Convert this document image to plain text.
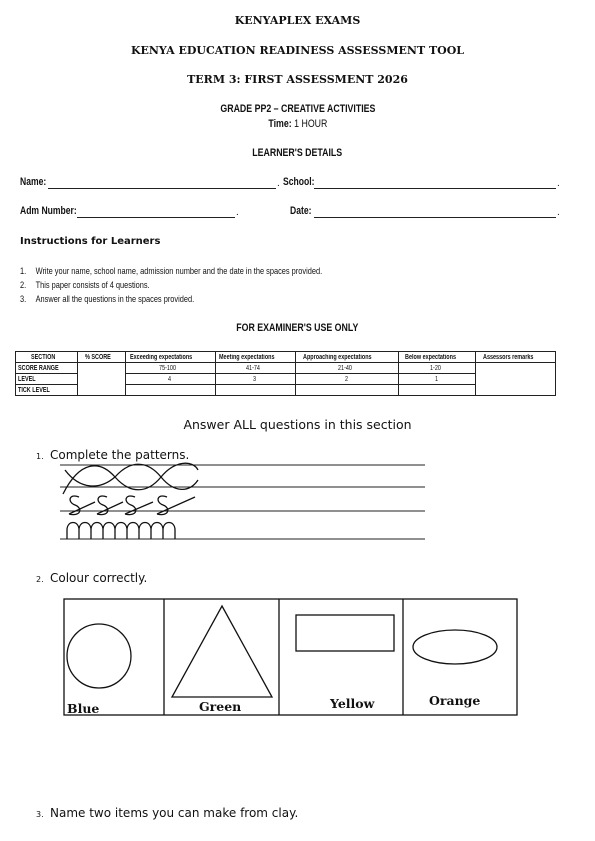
KENYAPLEX EXAMS
KENYA EDUCATION READINESS ASSESSMENT TOOL
TERM 3: FIRST ASSESSMENT 2026
GRADE PP2 – CREATIVE ACTIVITIES
Time: 1 HOUR
LEARNER'S DETAILS
Name:	. School:	.
Adm Number:	.	Date:	.
Instructions for Learners
1. Write your name, school name, admission number and the date in the spaces provided.
2. This paper consists of 4 questions.
3. Answer all the questions in the spaces provided.
FOR EXAMINER'S USE ONLY
SECTION	% SCORE	Exceeding expectations	Meeting expectations	Approaching expectations	Below expectations	Assessors remarks
SCORE RANGE		75-100	41-74	21-40	1-20	
LEVEL		4	3	2	1	
TICK LEVEL						
Answer ALL questions in this section
1. Complete the patterns.
2. Colour correctly.
Blue	Green	Yellow	Orange
3. Name two items you can make from clay.
